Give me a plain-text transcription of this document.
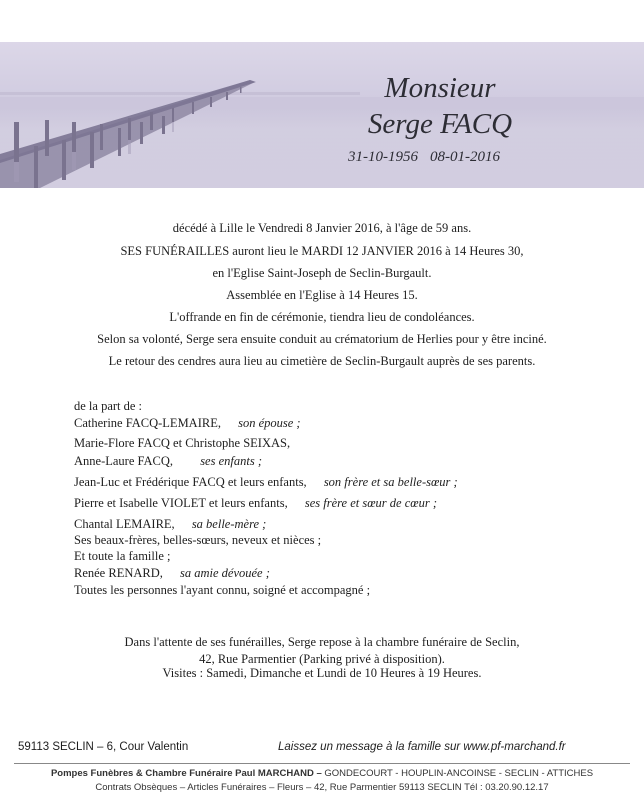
Monsieur
Serge FACQ
31-10-1956 08-01-2016
décédé à Lille le Vendredi 8 Janvier 2016, à l'âge de 59 ans.
SES FUNÉRAILLES auront lieu le MARDI 12 JANVIER 2016 à 14 Heures 30,
en l'Eglise Saint-Joseph de Seclin-Burgault.
Assemblée en l'Eglise à 14 Heures 15.
L'offrande en fin de cérémonie, tiendra lieu de condoléances.
Selon sa volonté, Serge sera ensuite conduit au crématorium de Herlies pour y être inciné.
Le retour des cendres aura lieu au cimetière de Seclin-Burgault auprès de ses parents.
de la part de :
Catherine FACQ-LEMAIRE, son épouse ;
Marie-Flore FACQ et Christophe SEIXAS,
Anne-Laure FACQ, ses enfants ;
Jean-Luc et Frédérique FACQ et leurs enfants, son frère et sa belle-sœur ;
Pierre et Isabelle VIOLET et leurs enfants, ses frère et sœur de cœur ;
Chantal LEMAIRE, sa belle-mère ;
Ses beaux-frères, belles-sœurs, neveux et nièces ;
Et toute la famille ;
Renée RENARD, sa amie dévouée ;
Toutes les personnes l'ayant connu, soigné et accompagné ;
Dans l'attente de ses funérailles, Serge repose à la chambre funéraire de Seclin,
42, Rue Parmentier (Parking privé à disposition).
Visites : Samedi, Dimanche et Lundi de 10 Heures à 19 Heures.
59113 SECLIN – 6, Cour Valentin	Laissez un message à la famille sur www.pf-marchand.fr
Pompes Funèbres & Chambre Funéraire Paul MARCHAND – GONDECOURT - HOUPLIN-ANCOINSE - SECLIN - ATTICHES
Contrats Obsèques – Articles Funéraires – Fleurs – 42, Rue Parmentier 59113 SECLIN Tél : 03.20.90.12.17
